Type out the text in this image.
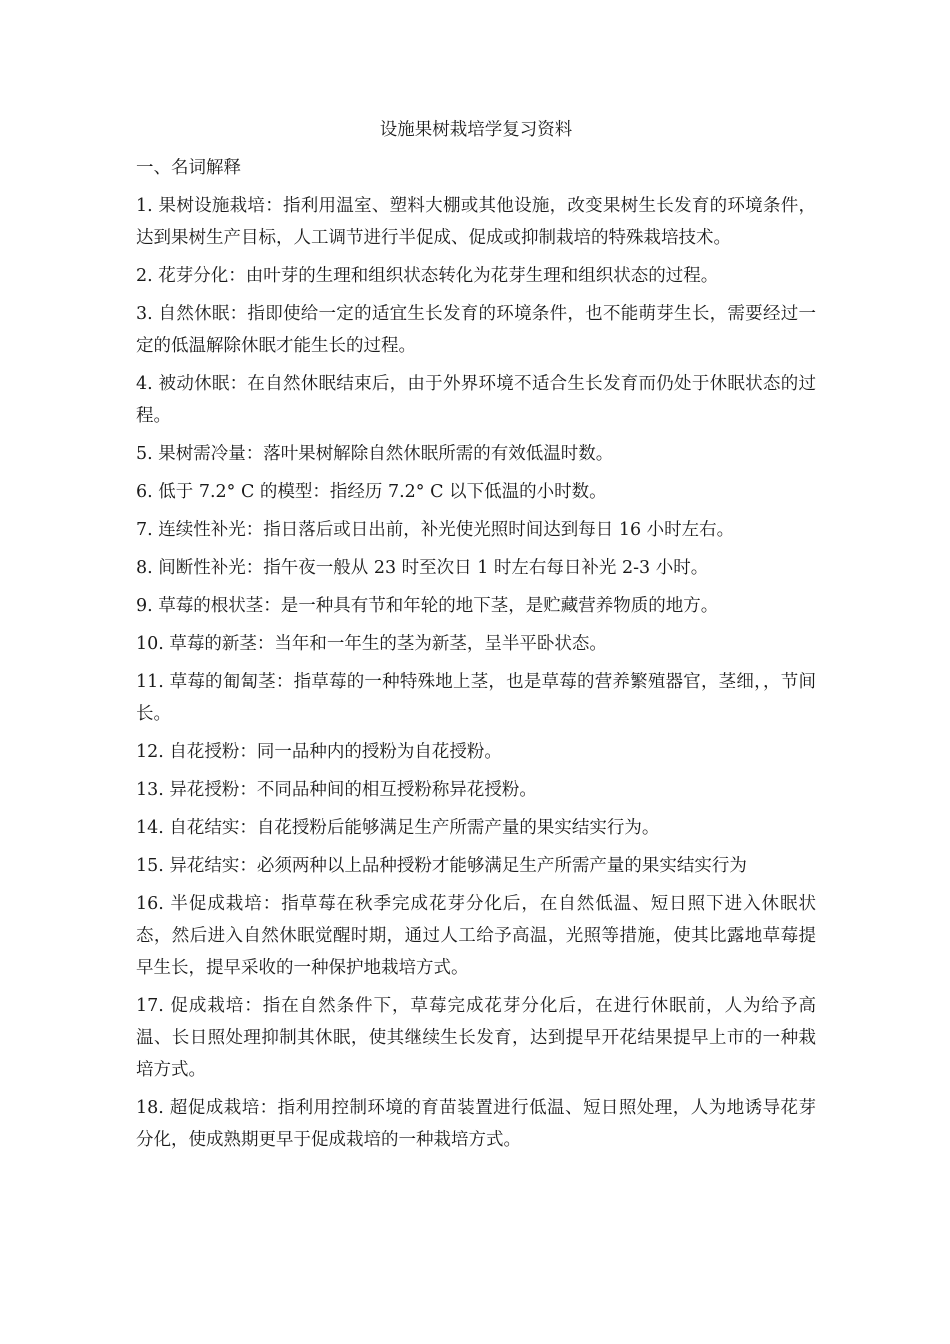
设施果树栽培学复习资料
一、名词解释

1. 果树设施栽培：指利用温室、塑料大棚或其他设施，改变果树生长发育的环境条件，达到果树生产目标，人工调节进行半促成、促成或抑制栽培的特殊栽培技术。

2. 花芽分化：由叶芽的生理和组织状态转化为花芽生理和组织状态的过程。

3. 自然休眠：指即使给一定的适宜生长发育的环境条件，也不能萌芽生长，需要经过一定的低温解除休眠才能生长的过程。

4. 被动休眠：在自然休眠结束后，由于外界环境不适合生长发育而仍处于休眠状态的过程。

5. 果树需冷量：落叶果树解除自然休眠所需的有效低温时数。

6. 低于 7.2° C 的模型：指经历 7.2° C 以下低温的小时数。

7. 连续性补光：指日落后或日出前，补光使光照时间达到每日 16 小时左右。

8. 间断性补光：指午夜一般从 23 时至次日 1 时左右每日补光 2-3 小时。

9. 草莓的根状茎：是一种具有节和年轮的地下茎，是贮藏营养物质的地方。

10. 草莓的新茎：当年和一年生的茎为新茎，呈半平卧状态。

11. 草莓的匍匐茎：指草莓的一种特殊地上茎，也是草莓的营养繁殖器官，茎细，，节间长。

12. 自花授粉：同一品种内的授粉为自花授粉。

13. 异花授粉：不同品种间的相互授粉称异花授粉。

14. 自花结实：自花授粉后能够满足生产所需产量的果实结实行为。

15. 异花结实：必须两种以上品种授粉才能够满足生产所需产量的果实结实行为

16. 半促成栽培：指草莓在秋季完成花芽分化后，在自然低温、短日照下进入休眠状态，然后进入自然休眠觉醒时期，通过人工给予高温，光照等措施，使其比露地草莓提早生长，提早采收的一种保护地栽培方式。

17. 促成栽培：指在自然条件下，草莓完成花芽分化后，在进行休眠前，人为给予高温、长日照处理抑制其休眠，使其继续生长发育，达到提早开花结果提早上市的一种栽培方式。

18. 超促成栽培：指利用控制环境的育苗装置进行低温、短日照处理，人为地诱导花芽分化，使成熟期更早于促成栽培的一种栽培方式。
